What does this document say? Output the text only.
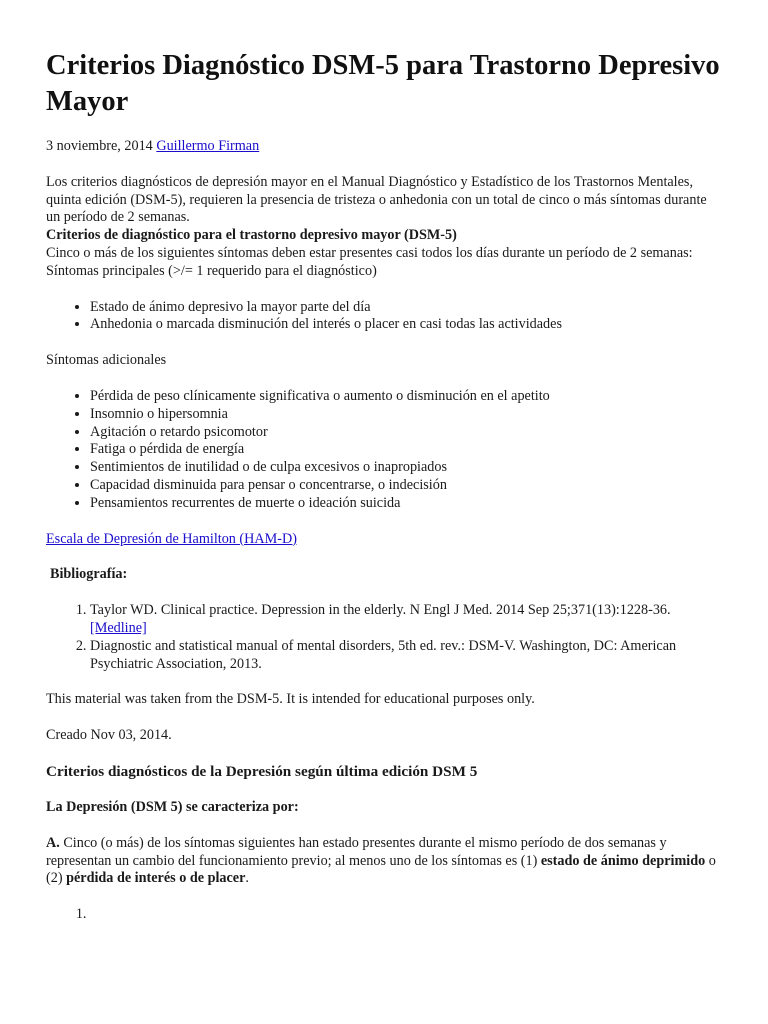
Criterios Diagnóstico DSM-5 para Trastorno Depresivo Mayor

3 noviembre, 2014 Guillermo Firman

Los criterios diagnósticos de depresión mayor en el Manual Diagnóstico y Estadístico de los Trastornos Mentales, quinta edición (DSM-5), requieren la presencia de tristeza o anhedonia con un total de cinco o más síntomas durante un período de 2 semanas.

Criterios de diagnóstico para el trastorno depresivo mayor (DSM-5)

Cinco o más de los siguientes síntomas deben estar presentes casi todos los días durante un período de 2 semanas:

Síntomas principales (>/= 1 requerido para el diagnóstico)

• Estado de ánimo depresivo la mayor parte del día
• Anhedonia o marcada disminución del interés o placer en casi todas las actividades

Síntomas adicionales

• Pérdida de peso clínicamente significativa o aumento o disminución en el apetito
• Insomnio o hipersomnia
• Agitación o retardo psicomotor
• Fatiga o pérdida de energía
• Sentimientos de inutilidad o de culpa excesivos o inapropiados
• Capacidad disminuida para pensar o concentrarse, o indecisión
• Pensamientos recurrentes de muerte o ideación suicida

Escala de Depresión de Hamilton (HAM-D)

Bibliografía:

1. Taylor WD. Clinical practice. Depression in the elderly. N Engl J Med. 2014 Sep 25;371(13):1228-36. [Medline]
2. Diagnostic and statistical manual of mental disorders, 5th ed. rev.: DSM-V. Washington, DC: American Psychiatric Association, 2013.

This material was taken from the DSM-5. It is intended for educational purposes only.

Creado Nov 03, 2014.

Criterios diagnósticos de la Depresión según última edición DSM 5

La Depresión (DSM 5) se caracteriza por:

A. Cinco (o más) de los síntomas siguientes han estado presentes durante el mismo período de dos semanas y representan un cambio del funcionamiento previo; al menos uno de los síntomas es (1) estado de ánimo deprimido o (2) pérdida de interés o de placer.

1.
